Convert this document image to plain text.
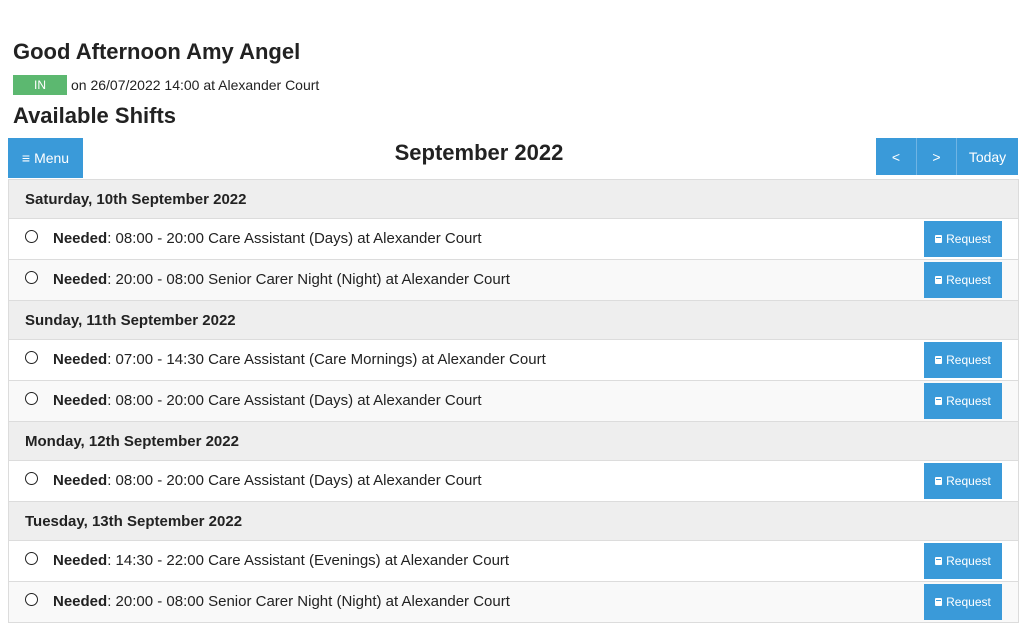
Good Afternoon Amy Angel
IN	on 26/07/2022 14:00 at Alexander Court
Available Shifts
≡ Menu	September 2022	<	>	Today
Saturday, 10th September 2022
Needed: 08:00 - 20:00 Care Assistant (Days) at Alexander Court	Request
Needed: 20:00 - 08:00 Senior Carer Night (Night) at Alexander Court	Request
Sunday, 11th September 2022
Needed: 07:00 - 14:30 Care Assistant (Care Mornings) at Alexander Court	Request
Needed: 08:00 - 20:00 Care Assistant (Days) at Alexander Court	Request
Monday, 12th September 2022
Needed: 08:00 - 20:00 Care Assistant (Days) at Alexander Court	Request
Tuesday, 13th September 2022
Needed: 14:30 - 22:00 Care Assistant (Evenings) at Alexander Court	Request
Needed: 20:00 - 08:00 Senior Carer Night (Night) at Alexander Court	Request
